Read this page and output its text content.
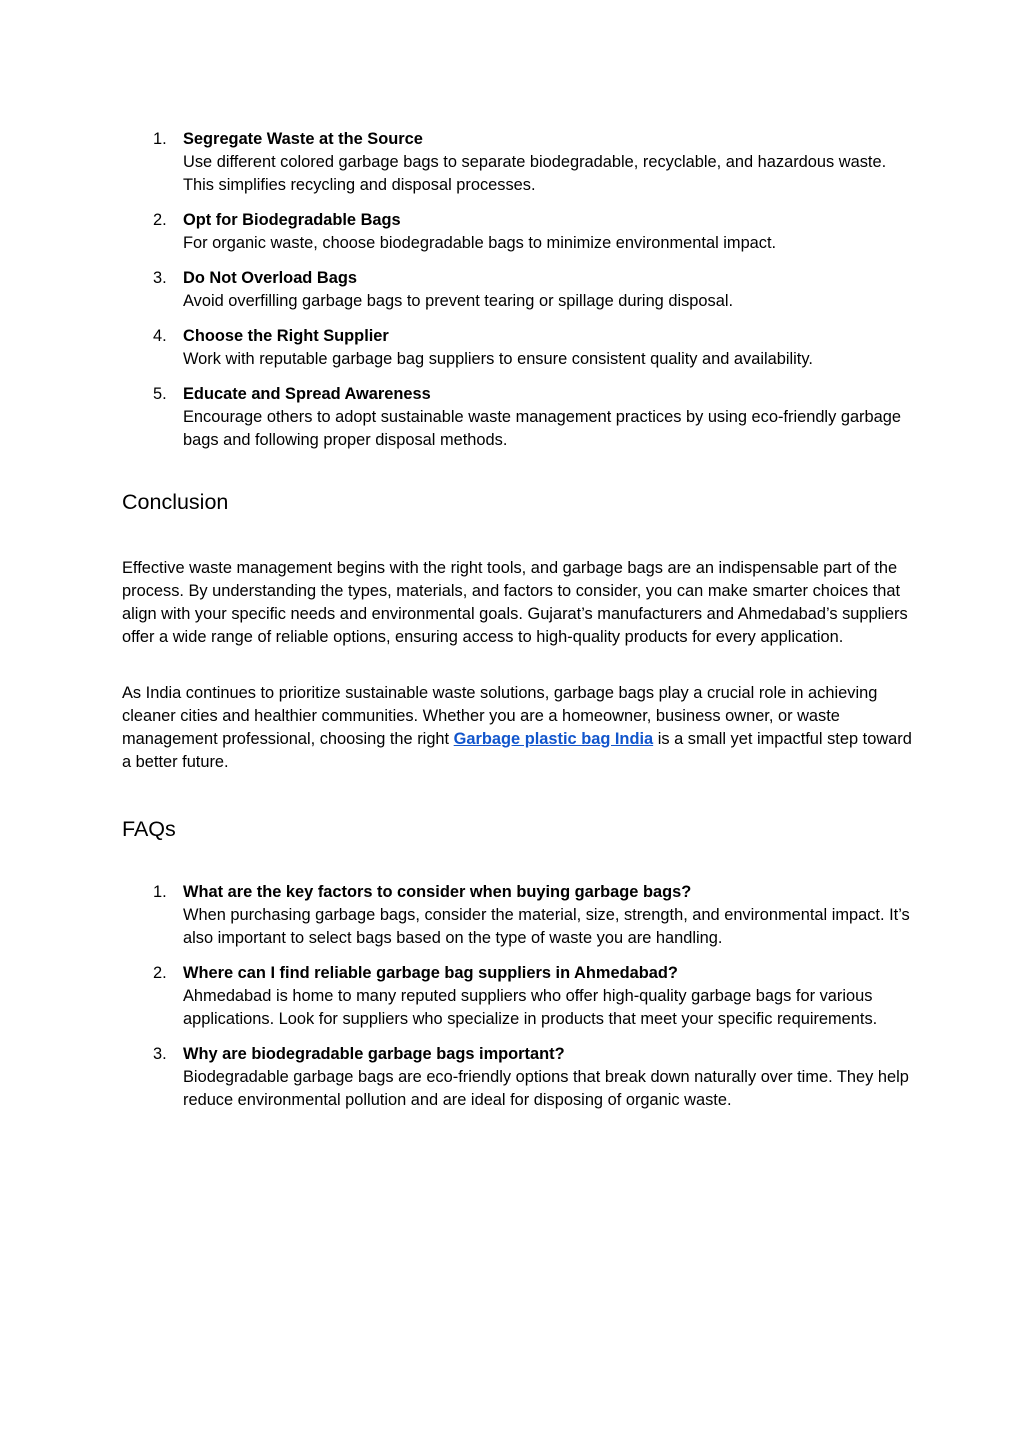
1. Segregate Waste at the Source
Use different colored garbage bags to separate biodegradable, recyclable, and hazardous waste. This simplifies recycling and disposal processes.
2. Opt for Biodegradable Bags
For organic waste, choose biodegradable bags to minimize environmental impact.
3. Do Not Overload Bags
Avoid overfilling garbage bags to prevent tearing or spillage during disposal.
4. Choose the Right Supplier
Work with reputable garbage bag suppliers to ensure consistent quality and availability.
5. Educate and Spread Awareness
Encourage others to adopt sustainable waste management practices by using eco-friendly garbage bags and following proper disposal methods.
Conclusion

Effective waste management begins with the right tools, and garbage bags are an indispensable part of the process. By understanding the types, materials, and factors to consider, you can make smarter choices that align with your specific needs and environmental goals. Gujarat’s manufacturers and Ahmedabad’s suppliers offer a wide range of reliable options, ensuring access to high-quality products for every application.

As India continues to prioritize sustainable waste solutions, garbage bags play a crucial role in achieving cleaner cities and healthier communities. Whether you are a homeowner, business owner, or waste management professional, choosing the right Garbage plastic bag India is a small yet impactful step toward a better future.

FAQs
1. What are the key factors to consider when buying garbage bags?
When purchasing garbage bags, consider the material, size, strength, and environmental impact. It’s also important to select bags based on the type of waste you are handling.
2. Where can I find reliable garbage bag suppliers in Ahmedabad?
Ahmedabad is home to many reputed suppliers who offer high-quality garbage bags for various applications. Look for suppliers who specialize in products that meet your specific requirements.
3. Why are biodegradable garbage bags important?
Biodegradable garbage bags are eco-friendly options that break down naturally over time. They help reduce environmental pollution and are ideal for disposing of organic waste.
